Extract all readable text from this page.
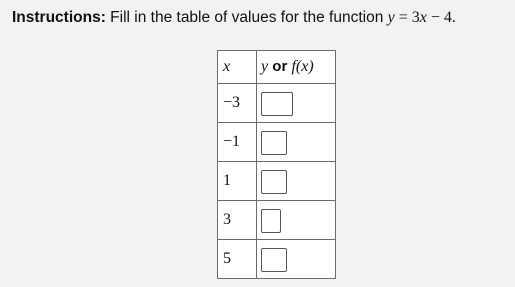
Instructions: Fill in the table of values for the function y = 3x − 4.
x	y or f(x)
−3	
−1	
1	
3	
5	
